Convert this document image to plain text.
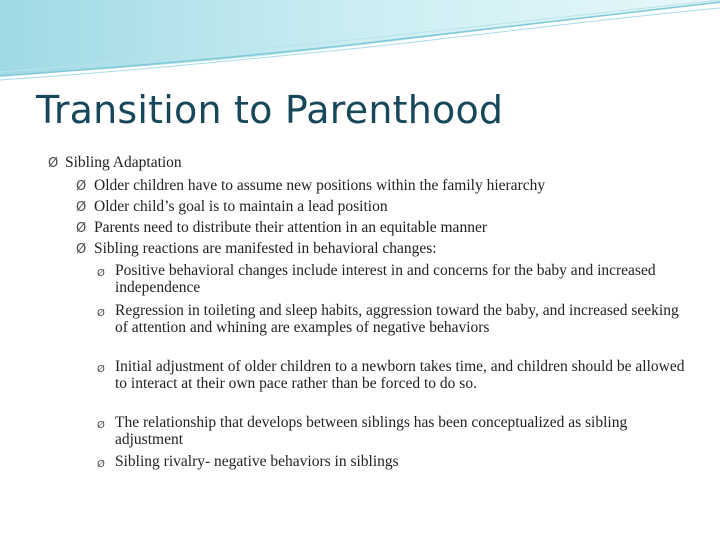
Transition to Parenthood
Ø Sibling Adaptation
Ø Older children have to assume new positions within the family hierarchy
Ø Older child’s goal is to maintain a lead position
Ø Parents need to distribute their attention in an equitable manner
Ø Sibling reactions are manifested in behavioral changes:
Ø Positive behavioral changes include interest in and concerns for the baby and increased independence
Ø Regression in toileting and sleep habits, aggression toward the baby, and increased seeking of attention and whining are examples of negative behaviors
Ø Initial adjustment of older children to a newborn takes time, and children should be allowed to interact at their own pace rather than be forced to do so.
Ø The relationship that develops between siblings has been conceptualized as sibling adjustment
Ø Sibling rivalry- negative behaviors in siblings
